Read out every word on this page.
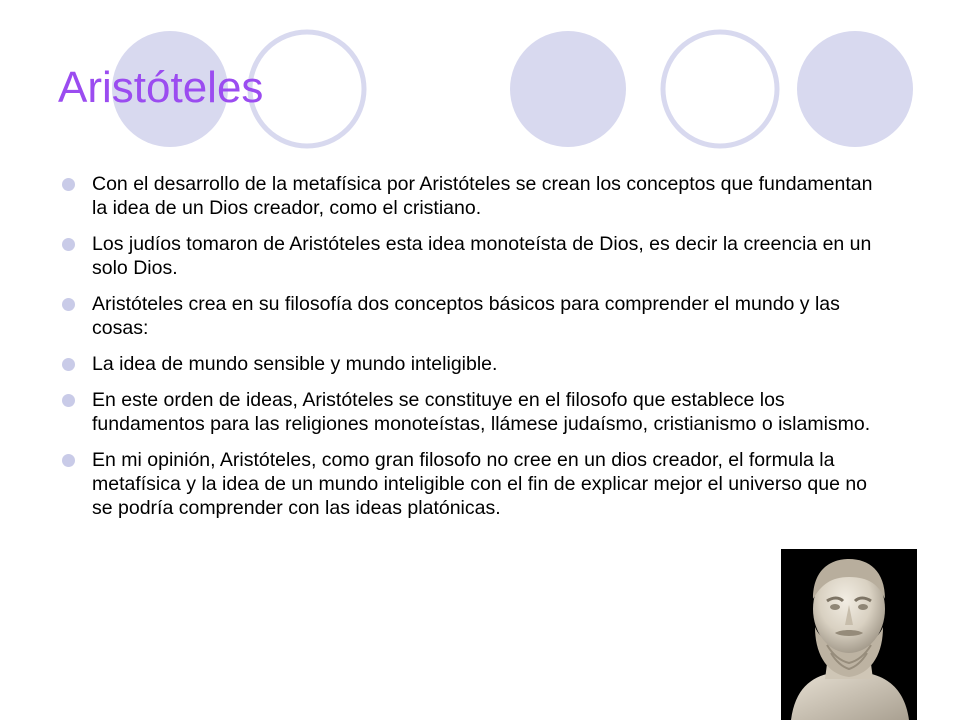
Aristóteles
Con el desarrollo de la metafísica por Aristóteles se crean los conceptos que fundamentan la idea de un Dios creador, como el cristiano.
Los judíos tomaron de Aristóteles esta idea monoteísta de Dios, es decir la creencia en un solo Dios.
Aristóteles crea en su filosofía dos conceptos básicos para comprender el mundo y las cosas:
La idea de mundo sensible y mundo inteligible.
En este orden de ideas, Aristóteles se constituye en el filosofo que establece los fundamentos para las religiones monoteístas, llámese judaísmo, cristianismo o islamismo.
En mi opinión, Aristóteles, como gran filosofo no cree en un dios creador, el formula la metafísica y la idea de un mundo inteligible con el fin de explicar mejor el universo que no se podría comprender con las ideas platónicas.
